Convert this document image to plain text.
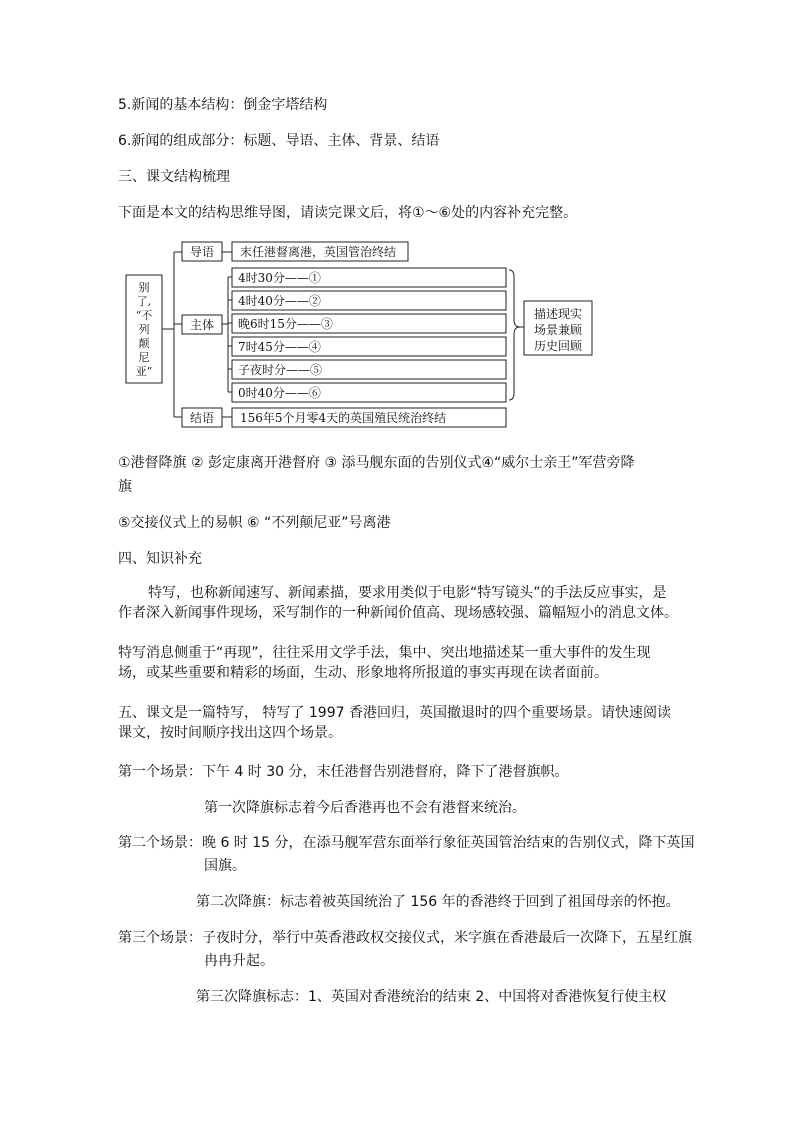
5.新闻的基本结构：倒金字塔结构

6.新闻的组成部分：标题、导语、主体、背景、结语

三、课文结构梳理

下面是本文的结构思维导图，请读完课文后，将①～⑥处的内容补充完整。

别
了,
“不
列
颠
尼
亚”
导语 末任港督离港，英国管治终结
主体
4时30分——①
4时40分——②
晚6时15分——③
7时45分——④
子夜时分——⑤
0时40分——⑥
描述现实
场景兼顾
历史回顾
结语 156年5个月零4天的英国殖民统治终结

①港督降旗 ② 彭定康离开港督府 ③ 添马舰东面的告别仪式④“威尔士亲王”军营旁降

旗

⑤交接仪式上的易帜 ⑥ “不列颠尼亚”号离港

四、知识补充

特写，也称新闻速写、新闻素描，要求用类似于电影“特写镜头”的手法反应事实，是作者深入新闻事件现场，采写制作的一种新闻价值高、现场感较强、篇幅短小的消息文体。

特写消息侧重于“再现”，往往采用文学手法，集中、突出地描述某一重大事件的发生现场，或某些重要和精彩的场面，生动、形象地将所报道的事实再现在读者面前。

五、课文是一篇特写， 特写了 1997 香港回归，英国撤退时的四个重要场景。请快速阅读课文，按时间顺序找出这四个场景。

第一个场景：下午 4 时 30 分，末任港督告别港督府，降下了港督旗帜。

第一次降旗标志着今后香港再也不会有港督来统治。

第二个场景：晚 6 时 15 分，在添马舰军营东面举行象征英国管治结束的告别仪式，降下英国

国旗。

第二次降旗：标志着被英国统治了 156 年的香港终于回到了祖国母亲的怀抱。

第三个场景：子夜时分，举行中英香港政权交接仪式，米字旗在香港最后一次降下，五星红旗

冉冉升起。

第三次降旗标志：1、英国对香港统治的结束 2、中国将对香港恢复行使主权
